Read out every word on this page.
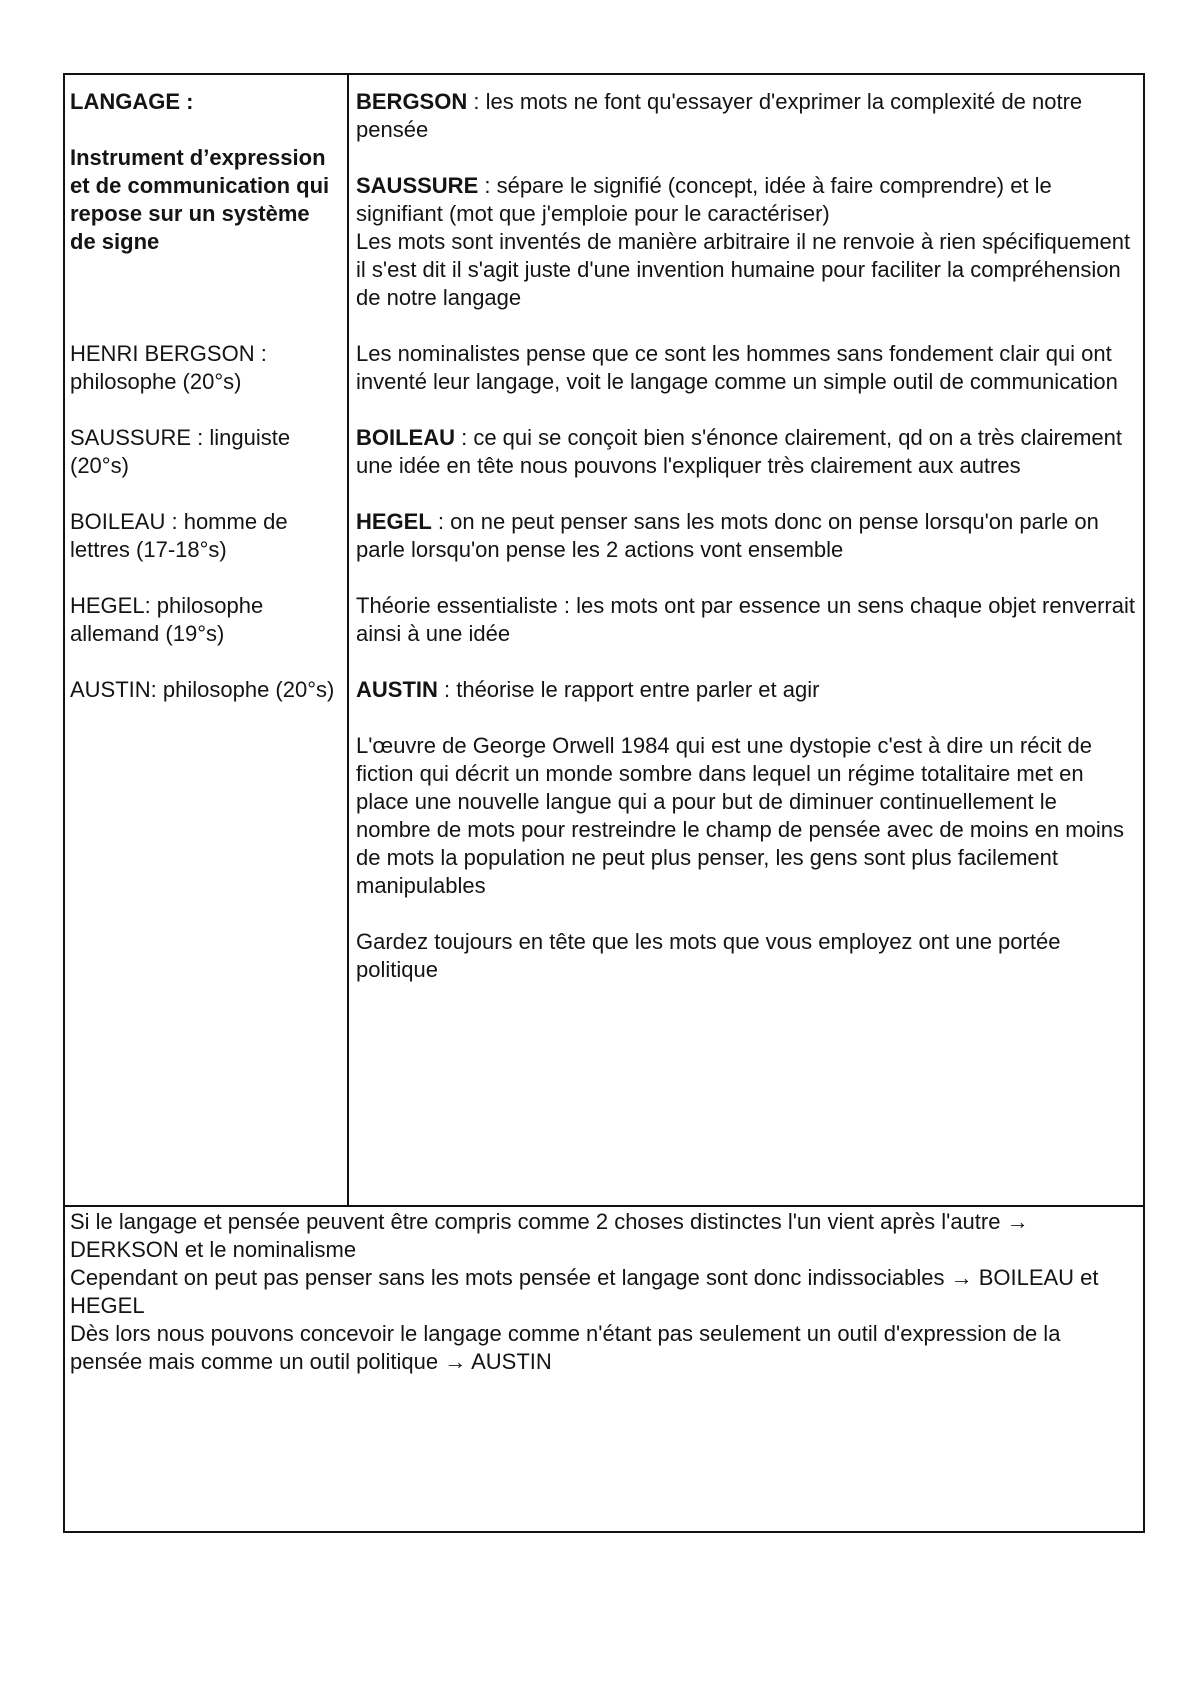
LANGAGE :

Instrument d’expression et de communication qui repose sur un système de signe

HENRI BERGSON : philosophe (20°s)

SAUSSURE : linguiste (20°s)

BOILEAU : homme de lettres (17-18°s)

HEGEL: philosophe allemand (19°s)

AUSTIN: philosophe (20°s)

BERGSON : les mots ne font qu'essayer d'exprimer la complexité de notre pensée

SAUSSURE : sépare le signifié (concept, idée à faire comprendre) et le signifiant (mot que j'emploie pour le caractériser)
Les mots sont inventés de manière arbitraire il ne renvoie à rien spécifiquement il s'est dit il s'agit juste d'une invention humaine pour faciliter la compréhension de notre langage

Les nominalistes pense que ce sont les hommes sans fondement clair qui ont inventé leur langage, voit le langage comme un simple outil de communication

BOILEAU : ce qui se conçoit bien s'énonce clairement, qd on a très clairement une idée en tête nous pouvons l'expliquer très clairement aux autres

HEGEL : on ne peut penser sans les mots donc on pense lorsqu'on parle on parle lorsqu'on pense les 2 actions vont ensemble

Théorie essentialiste : les mots ont par essence un sens chaque objet renverrait ainsi à une idée

AUSTIN : théorise le rapport entre parler et agir

L'œuvre de George Orwell 1984 qui est une dystopie c'est à dire un récit de fiction qui décrit un monde sombre dans lequel un régime totalitaire met en place une nouvelle langue qui a pour but de diminuer continuellement le nombre de mots pour restreindre le champ de pensée avec de moins en moins de mots la population ne peut plus penser, les gens sont plus facilement manipulables

Gardez toujours en tête que les mots que vous employez ont une portée politique

Si le langage et pensée peuvent être compris comme 2 choses distinctes l'un vient après l'autre → DERKSON et le nominalisme

Cependant on peut pas penser sans les mots pensée et langage sont donc indissociables → BOILEAU et HEGEL

Dès lors nous pouvons concevoir le langage comme n'étant pas seulement un outil d'expression de la pensée mais comme un outil politique → AUSTIN
